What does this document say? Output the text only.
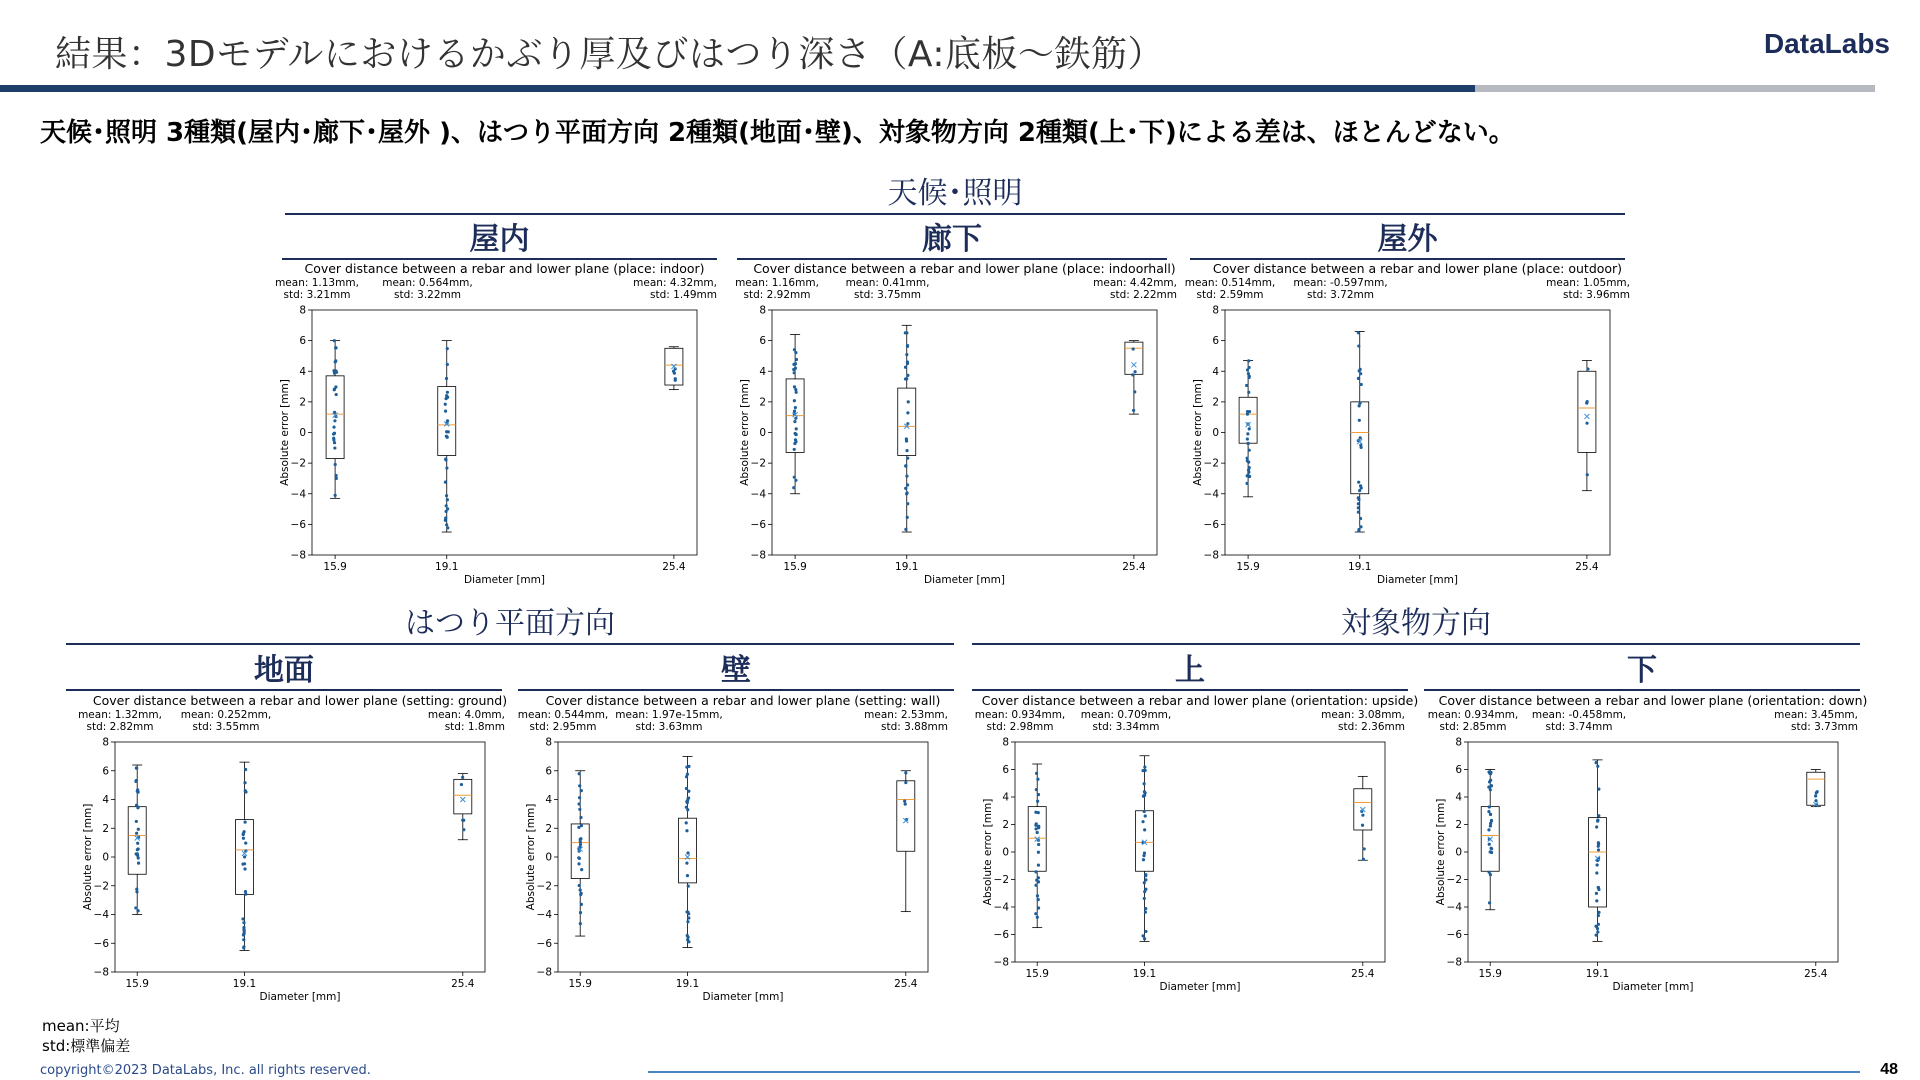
結果：3Dモデルにおけるかぶり厚及びはつり深さ（A:底板～鉄筋）	DataLabs
天候･照明 3種類(屋内･廊下･屋外 )、はつり平面方向 2種類(地面･壁)、対象物方向 2種類(上･下)による差は、ほとんどない。
天候･照明
屋内	廊下	屋外
はつり平面方向
地面	壁
対象物方向
上	下
Cover distance between a rebar and lower plane (place: indoor)
mean: 1.13mm,
std: 3.21mm
mean: 0.564mm,
std: 3.22mm
mean: 4.32mm,
std: 1.49mm
−8
−6
−4
−2
0
2
4
6
8
Absolute error [mm]
15.9	19.1	25.4
Diameter [mm]
Cover distance between a rebar and lower plane (place: indoorhall)
mean: 1.16mm,
std: 2.92mm
mean: 0.41mm,
std: 3.75mm
mean: 4.42mm,
std: 2.22mm
−8
−6
−4
−2
0
2
4
6
8
Absolute error [mm]
15.9	19.1	25.4
Diameter [mm]
Cover distance between a rebar and lower plane (place: outdoor)
mean: 0.514mm,
std: 2.59mm
mean: -0.597mm,
std: 3.72mm
mean: 1.05mm,
std: 3.96mm
−8
−6
−4
−2
0
2
4
6
8
Absolute error [mm]
15.9	19.1	25.4
Diameter [mm]
Cover distance between a rebar and lower plane (setting: ground)
mean: 1.32mm,
std: 2.82mm
mean: 0.252mm,
std: 3.55mm
mean: 4.0mm,
std: 1.8mm
−8
−6
−4
−2
0
2
4
6
8
Absolute error [mm]
15.9	19.1	25.4
Diameter [mm]
Cover distance between a rebar and lower plane (setting: wall)
mean: 0.544mm,
std: 2.95mm
mean: 1.97e-15mm,
std: 3.63mm
mean: 2.53mm,
std: 3.88mm
−8
−6
−4
−2
0
2
4
6
8
Absolute error [mm]
15.9	19.1	25.4
Diameter [mm]
Cover distance between a rebar and lower plane (orientation: upside)
mean: 0.934mm,
std: 2.98mm
mean: 0.709mm,
std: 3.34mm
mean: 3.08mm,
std: 2.36mm
−8
−6
−4
−2
0
2
4
6
8
Absolute error [mm]
15.9	19.1	25.4
Diameter [mm]
Cover distance between a rebar and lower plane (orientation: down)
mean: 0.934mm,
std: 2.85mm
mean: -0.458mm,
std: 3.74mm
mean: 3.45mm,
std: 3.73mm
−8
−6
−4
−2
0
2
4
6
8
Absolute error [mm]
15.9	19.1	25.4
Diameter [mm]
mean:平均
std:標準偏差
copyright©2023 DataLabs, Inc. all rights reserved.	48
